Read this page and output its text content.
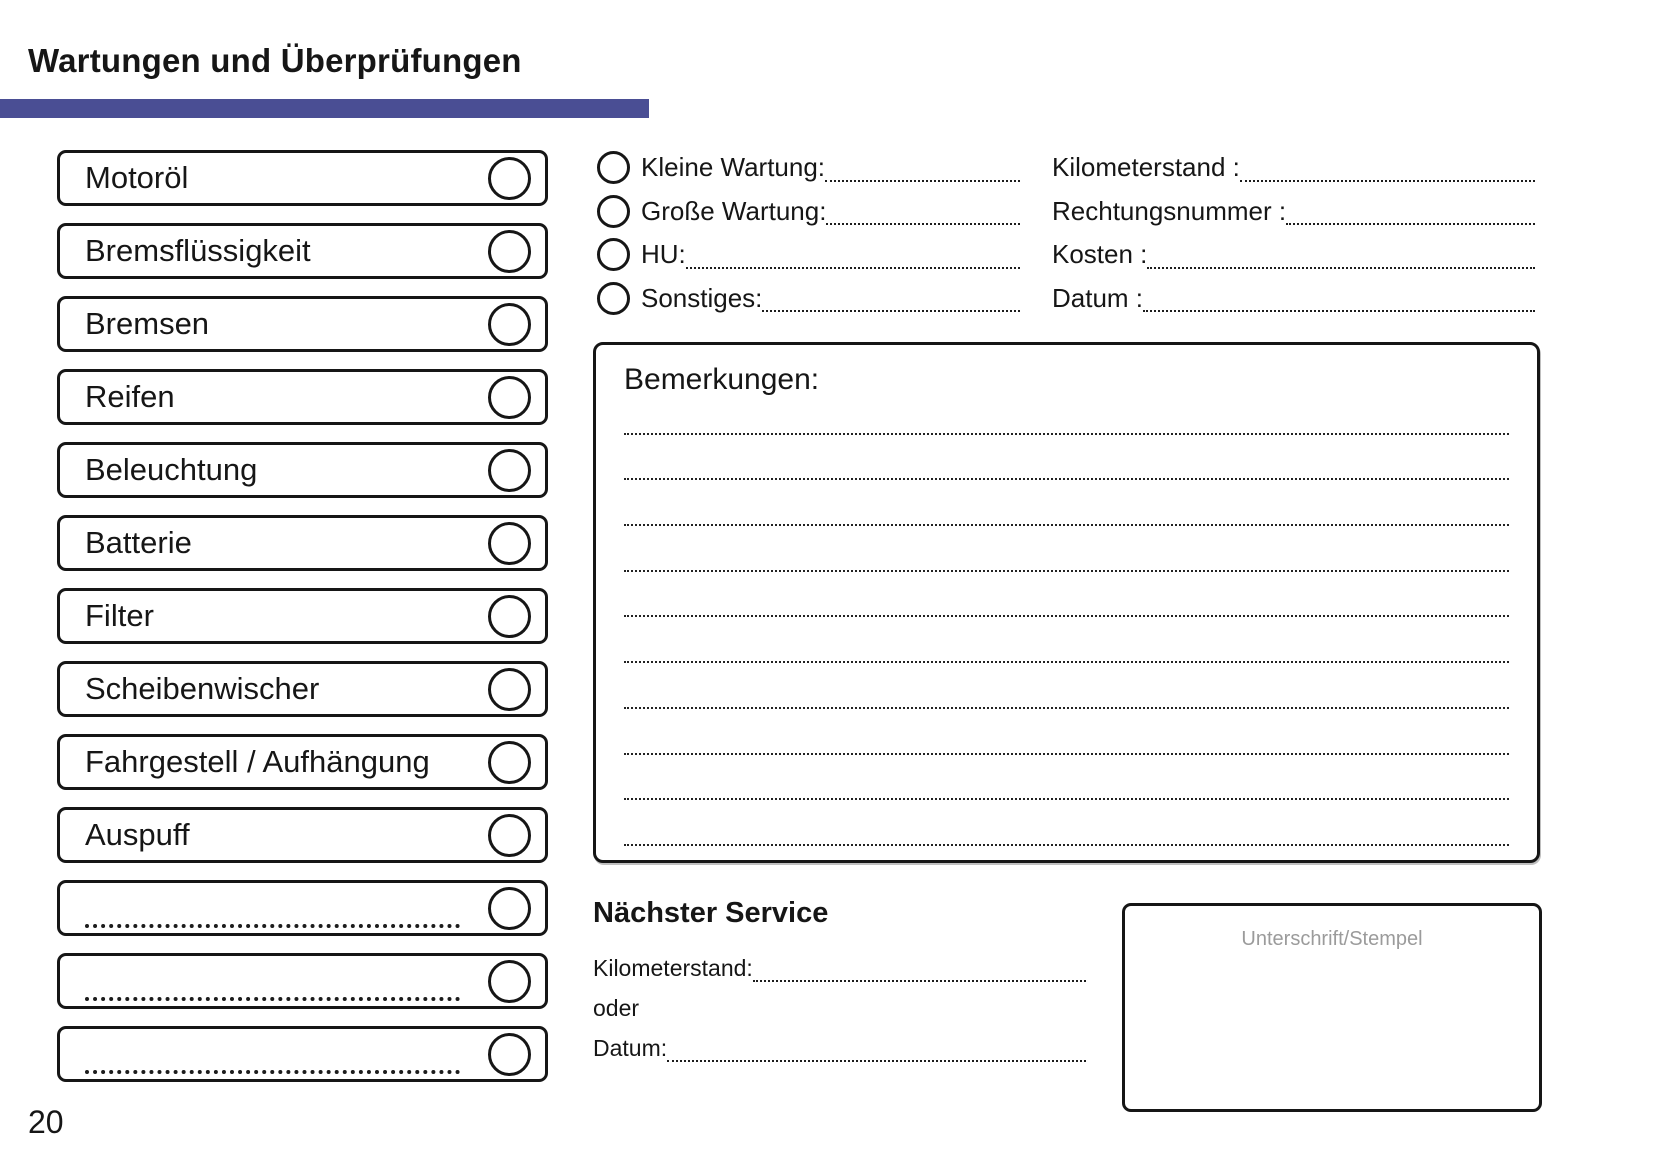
Wartungen und Überprüfungen
Motoröl
Bremsflüssigkeit
Bremsen
Reifen
Beleuchtung
Batterie
Filter
Scheibenwischer
Fahrgestell / Aufhängung
Auspuff
Kleine Wartung:
Große Wartung:
HU:
Sonstiges:
Kilometerstand :
Rechtungsnummer :
Kosten :
Datum :
Bemerkungen:
Nächster Service
Kilometerstand:
oder
Datum:
Unterschrift/Stempel
20
